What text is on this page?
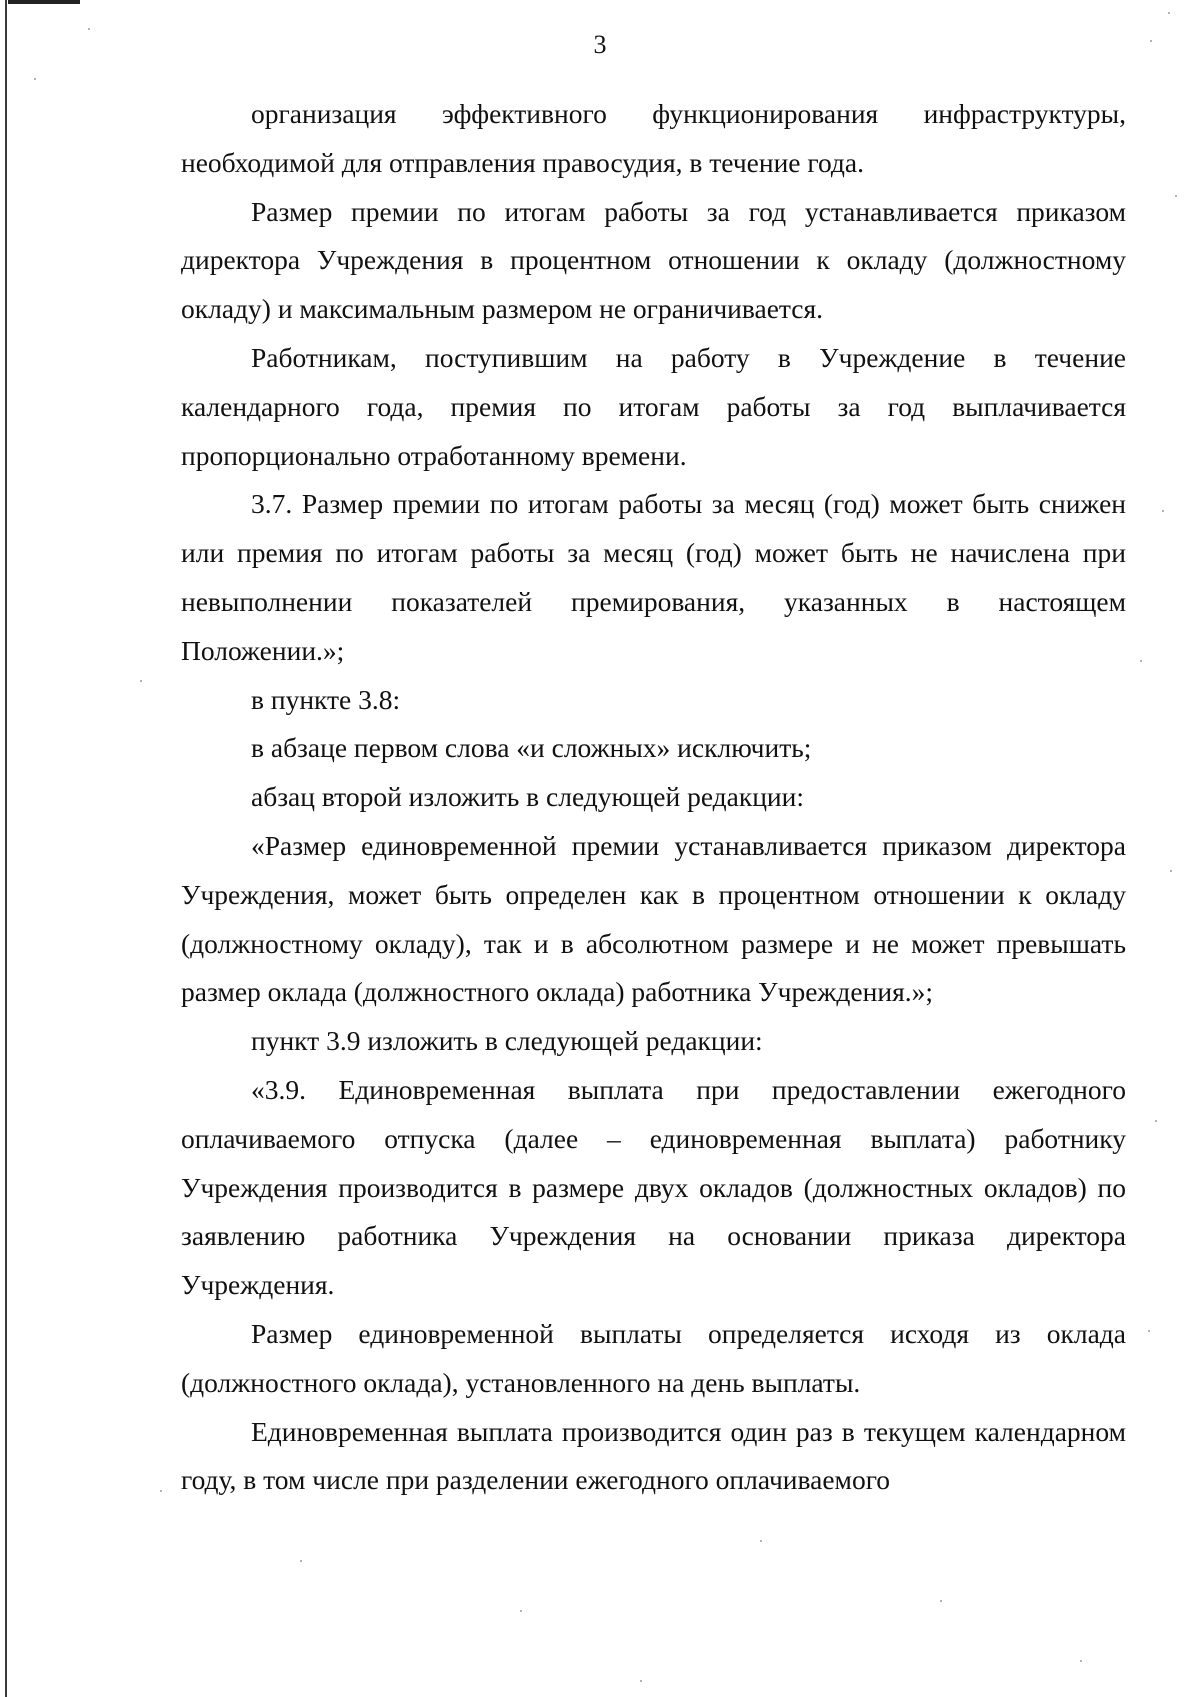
3

организация эффективного функционирования инфраструктуры, необходимой для отправления правосудия, в течение года.

Размер премии по итогам работы за год устанавливается приказом директора Учреждения в процентном отношении к окладу (должностному окладу) и максимальным размером не ограничивается.

Работникам, поступившим на работу в Учреждение в течение календарного года, премия по итогам работы за год выплачивается пропорционально отработанному времени.

3.7. Размер премии по итогам работы за месяц (год) может быть снижен или премия по итогам работы за месяц (год) может быть не начислена при невыполнении показателей премирования, указанных в настоящем Положении.»;

в пункте 3.8:

в абзаце первом слова «и сложных» исключить;

абзац второй изложить в следующей редакции:

«Размер единовременной премии устанавливается приказом директора Учреждения, может быть определен как в процентном отношении к окладу (должностному окладу), так и в абсолютном размере и не может превышать размер оклада (должностного оклада) работника Учреждения.»;

пункт 3.9 изложить в следующей редакции:

«3.9. Единовременная выплата при предоставлении ежегодного оплачиваемого отпуска (далее – единовременная выплата) работнику Учреждения производится в размере двух окладов (должностных окладов) по заявлению работника Учреждения на основании приказа директора Учреждения.

Размер единовременной выплаты определяется исходя из оклада (должностного оклада), установленного на день выплаты.

Единовременная выплата производится один раз в текущем календарном году, в том числе при разделении ежегодного оплачиваемого
